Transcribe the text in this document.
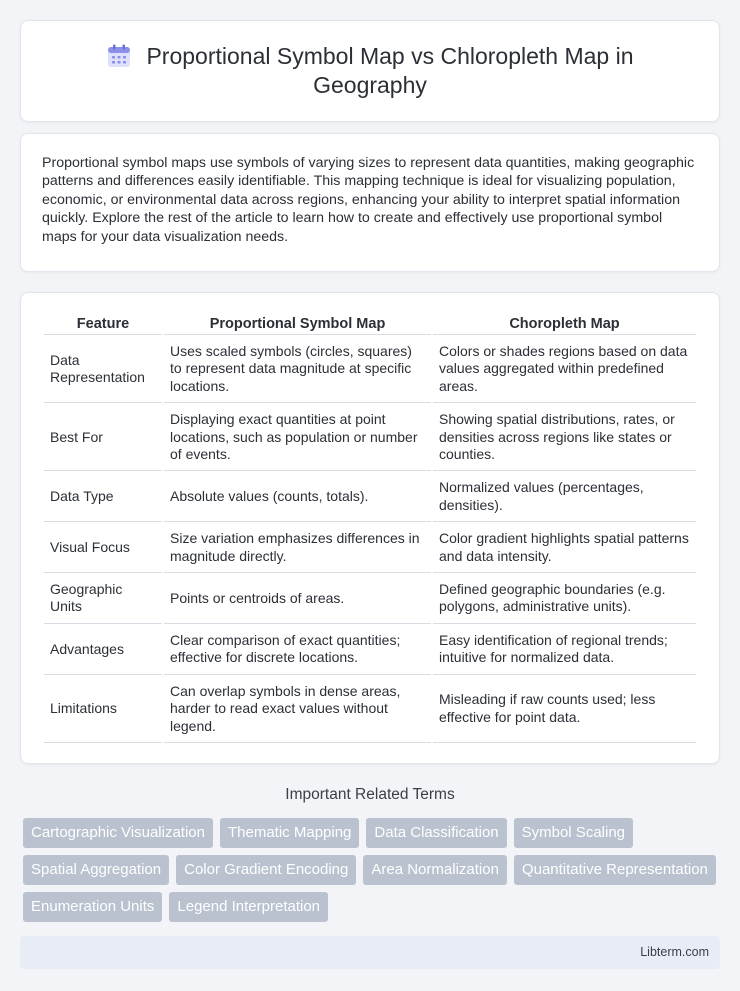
Proportional Symbol Map vs Chloropleth Map in Geography

Proportional symbol maps use symbols of varying sizes to represent data quantities, making geographic patterns and differences easily identifiable. This mapping technique is ideal for visualizing population, economic, or environmental data across regions, enhancing your ability to interpret spatial information quickly. Explore the rest of the article to learn how to create and effectively use proportional symbol maps for your data visualization needs.

Feature	Proportional Symbol Map	Choropleth Map
Data Representation	Uses scaled symbols (circles, squares) to represent data magnitude at specific locations.	Colors or shades regions based on data values aggregated within predefined areas.
Best For	Displaying exact quantities at point locations, such as population or number of events.	Showing spatial distributions, rates, or densities across regions like states or counties.
Data Type	Absolute values (counts, totals).	Normalized values (percentages, densities).
Visual Focus	Size variation emphasizes differences in magnitude directly.	Color gradient highlights spatial patterns and data intensity.
Geographic Units	Points or centroids of areas.	Defined geographic boundaries (e.g. polygons, administrative units).
Advantages	Clear comparison of exact quantities; effective for discrete locations.	Easy identification of regional trends; intuitive for normalized data.
Limitations	Can overlap symbols in dense areas, harder to read exact values without legend.	Misleading if raw counts used; less effective for point data.
Important Related Terms
Cartographic Visualization	Thematic Mapping	Data Classification	Symbol Scaling
Spatial Aggregation	Color Gradient Encoding	Area Normalization	Quantitative Representation
Enumeration Units	Legend Interpretation
Libterm.com
